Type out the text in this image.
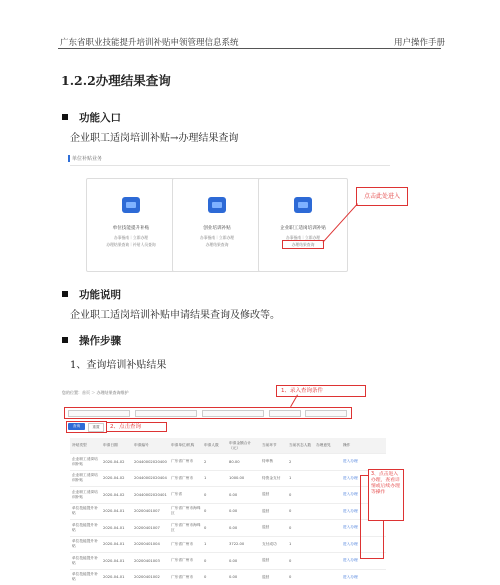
广东省职业技能提升培训补贴申领管理信息系统	用户操作手册
1.2.2办理结果查询
功能入口
企业职工适岗培训补贴→办理结果查询
单位补贴业务
单位技能提升补贴
办事指南｜立即办理
办理结果查询｜补贴人员查询
创业培训补贴
办事指南｜立即办理
办理结果查询
企业职工适岗培训补贴
办事指南｜立即办理
办理结果查询
点击此处进入
功能说明
企业职工适岗培训补贴申请结果查询及修改等。
操作步骤
1、查询培训补贴结果
您的位置：首页 ＞ 办理结果查询维护	1、录入查询条件
查询	重置	2、点击查询
补贴类型	申请日期	申请编号	申请单位/机构	申请人数	申请金额合计（元）	当前环节	当前状态人数	办理意见	操作
企业职工适岗培训补贴	2020-04-02	20440002020400	广东省广州市	2	80.00	待审核	2		进入办理
企业职工适岗培训补贴	2020-04-02	20440002020404	广东省广州市	1	1000.00	待资金支付	1		进入办理
企业职工适岗培训补贴	2020-04-02	20440002020401	广东省	0	0.00	退回	0		进入办理
单位技能提升补贴	2020-04-01	20200401007	广东省广州市海珠区	0	0.00	退回	0		进入办理
单位技能提升补贴	2020-04-01	20200401007	广东省广州市海珠区	0	0.00	退回	0		进入办理
单位技能提升补贴	2020-04-01	20200401004	广东省广州市	1	3722.00	支付成功	1		进入办理
单位技能提升补贴	2020-04-01	20200401003	广东省广州市	0	0.00	退回	0		进入办理
单位技能提升补贴	2020-04-01	20200401002	广东省广州市	0	0.00	退回	0		进入办理
3、点击进入办理，查看详情或后续办理等操作
